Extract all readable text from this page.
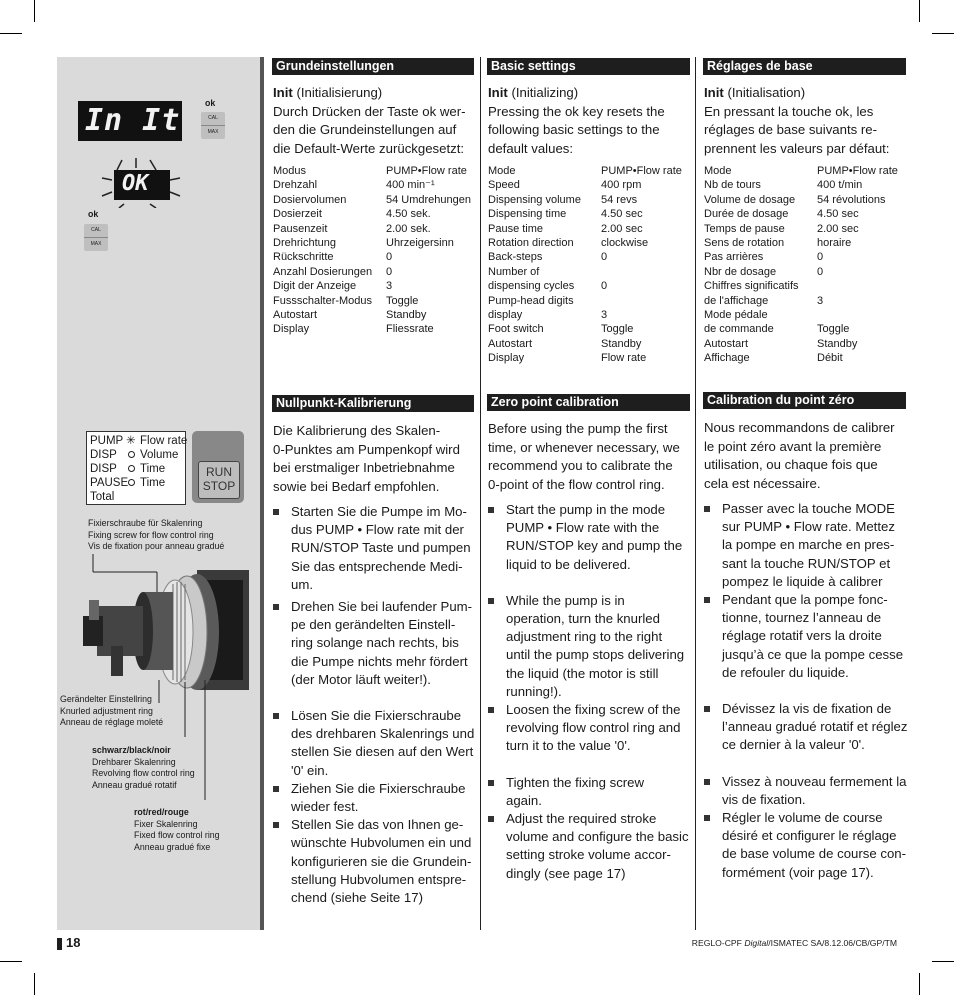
In It	ok
CAL
MAX
OK
ok
CAL
MAX
PUMP ✳ Flow rate
DISP Volume
DISP Time
PAUSE Time
Total
RUN
STOP
Fixierschraube für Skalenring
Fixing screw for flow control ring
Vis de fixation pour anneau gradué
Gerändelter Einstellring
Knurled adjustment ring
Anneau de réglage moleté
schwarz/black/noir
Drehbarer Skalenring
Revolving flow control ring
Anneau gradué rotatif
rot/red/rouge
Fixer Skalenring
Fixed flow control ring
Anneau gradué fixe
Grundeinstellungen
Init (Initialisierung)
Durch Drücken der Taste ok wer-
den die Grundeinstellungen auf
die Default-Werte zurückgesetzt:
Modus	PUMP•Flow rate
Drehzahl	400 min⁻¹
Dosiervolumen	54 Umdrehungen
Dosierzeit	4.50 sek.
Pausenzeit	2.00 sek.
Drehrichtung	Uhrzeigersinn
Rückschritte	0
Anzahl Dosierungen	0
Digit der Anzeige	3
Fussschalter-Modus	Toggle
Autostart	Standby
Display	Fliessrate
Nullpunkt-Kalibrierung
Die Kalibrierung des Skalen-
0-Punktes am Pumpenkopf wird
bei erstmaliger Inbetriebnahme
sowie bei Bedarf empfohlen.
Starten Sie die Pumpe im Mo-
dus PUMP • Flow rate mit der
RUN/STOP Taste und pumpen
Sie das entsprechende Medi-
um.
Drehen Sie bei laufender Pum-
pe den gerändelten Einstell-
ring solange nach rechts, bis
die Pumpe nichts mehr fördert
(der Motor läuft weiter!).
Lösen Sie die Fixierschraube
des drehbaren Skalenrings und
stellen Sie diesen auf den Wert
'0' ein.
Ziehen Sie die Fixierschraube
wieder fest.
Stellen Sie das von Ihnen ge-
wünschte Hubvolumen ein und
konfigurieren sie die Grundein-
stellung Hubvolumen entspre-
chend (siehe Seite 17)
Basic settings
Init (Initializing)
Pressing the ok key resets the
following basic settings to the
default values:
Mode	PUMP•Flow rate
Speed	400 rpm
Dispensing volume	54 revs
Dispensing time	4.50 sec
Pause time	2.00 sec
Rotation direction	clockwise
Back-steps	0
Number of	
dispensing cycles	0
Pump-head digits	
display	3
Foot switch	Toggle
Autostart	Standby
Display	Flow rate
Zero point calibration
Before using the pump the first
time, or whenever necessary, we
recommend you to calibrate the
0-point of the flow control ring.
Start the pump in the mode
PUMP • Flow rate with the
RUN/STOP key and pump the
liquid to be delivered.
While the pump is in
operation, turn the knurled
adjustment ring to the right
until the pump stops delivering
the liquid (the motor is still
running!).
Loosen the fixing screw of the
revolving flow control ring and
turn it to the value '0'.
Tighten the fixing screw
again.
Adjust the required stroke
volume and configure the basic
setting stroke volume accor-
dingly (see page 17)
Réglages de base
Init (Initialisation)
En pressant la touche ok, les
réglages de base suivants re-
prennent les valeurs par défaut:
Mode	PUMP•Flow rate
Nb de tours	400 t/min
Volume de dosage	54 révolutions
Durée de dosage	4.50 sec
Temps de pause	2.00 sec
Sens de rotation	horaire
Pas arrières	0
Nbr de dosage	0
Chiffres significatifs	
de l'affichage	3
Mode pédale	
de commande	Toggle
Autostart	Standby
Affichage	Débit
Calibration du point zéro
Nous recommandons de calibrer
le point zéro avant la première
utilisation, ou chaque fois que
cela est nécessaire.
Passer avec la touche MODE
sur PUMP • Flow rate. Mettez
la pompe en marche en pres-
sant la touche RUN/STOP et
pompez le liquide à calibrer
Pendant que la pompe fonc-
tionne, tournez l’anneau de
réglage rotatif vers la droite
jusqu’à ce que la pompe cesse
de refouler du liquide.
Dévissez la vis de fixation de
l’anneau gradué rotatif et réglez
ce dernier à la valeur '0'.
Vissez à nouveau fermement la
vis de fixation.
Régler le volume de course
désiré et configurer le réglage
de base volume de course con-
formément (voir page 17).
18	REGLO-CPF Digital/ISMATEC SA/8.12.06/CB/GP/TM
